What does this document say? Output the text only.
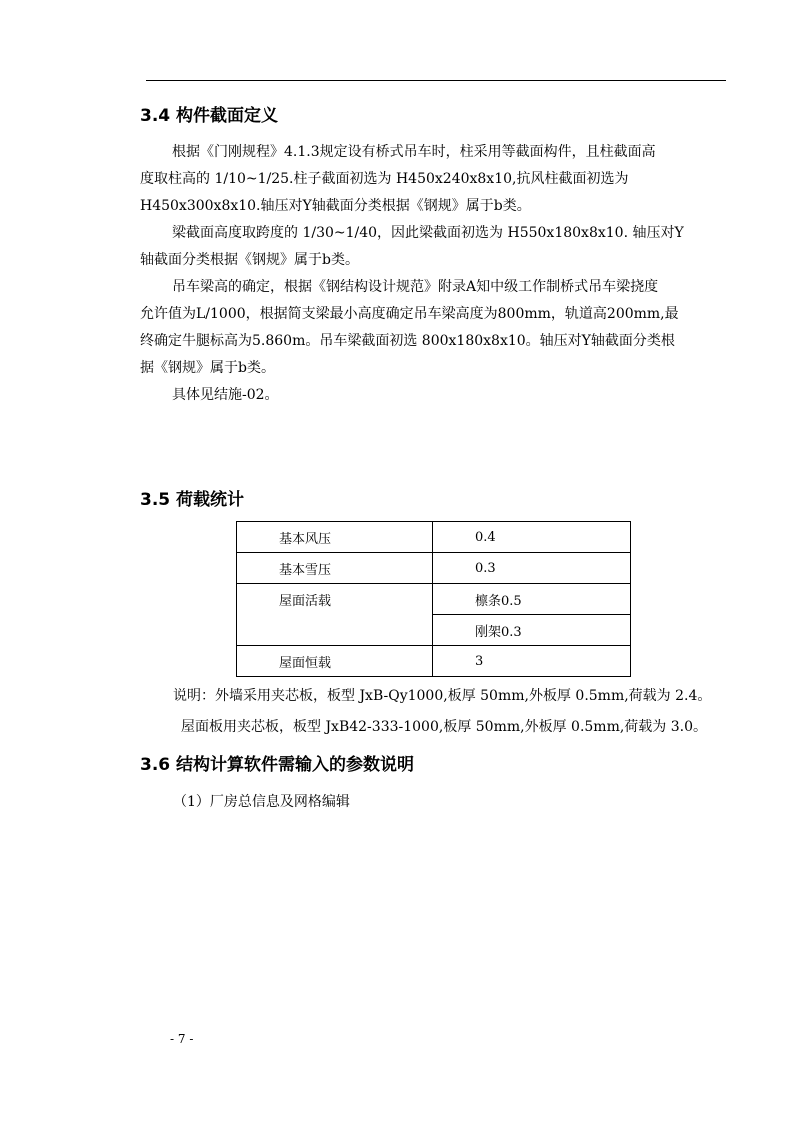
3.4 构件截面定义
根据《门刚规程》4.1.3规定设有桥式吊车时，柱采用等截面构件，且柱截面高
度取柱高的 1/10~1/25.柱子截面初选为 H450x240x8x10,抗风柱截面初选为
H450x300x8x10.轴压对Y轴截面分类根据《钢规》属于b类。
梁截面高度取跨度的 1/30~1/40，因此梁截面初选为 H550x180x8x10. 轴压对Y
轴截面分类根据《钢规》属于b类。
吊车梁高的确定，根据《钢结构设计规范》附录A知中级工作制桥式吊车梁挠度
允许值为L/1000，根据简支梁最小高度确定吊车梁高度为800mm，轨道高200mm,最
终确定牛腿标高为5.860m。吊车梁截面初选 800x180x8x10。轴压对Y轴截面分类根
据《钢规》属于b类。
具体见结施-02。
3.5 荷载统计
基本风压	0.4
基本雪压	0.3
屋面活载	檩条0.5
	刚架0.3
屋面恒载	3
说明：外墙采用夹芯板，板型 JxB-Qy1000,板厚 50mm,外板厚 0.5mm,荷载为 2.4。
屋面板用夹芯板，板型 JxB42-333-1000,板厚 50mm,外板厚 0.5mm,荷载为 3.0。
3.6 结构计算软件需输入的参数说明
（1）厂房总信息及网格编辑
- 7 -
